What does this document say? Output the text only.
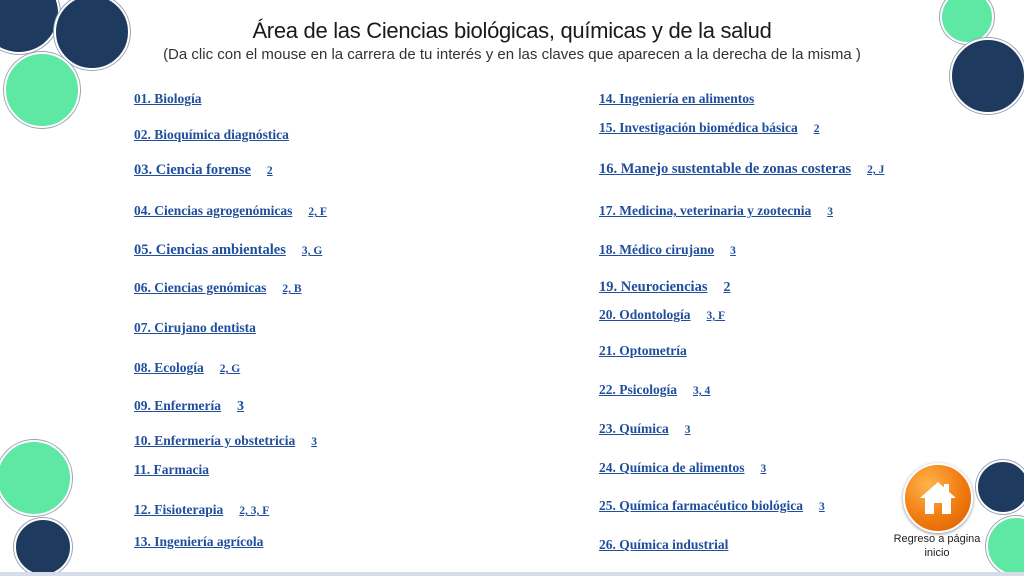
Área de las Ciencias biológicas, químicas y de la salud
(Da clic con el mouse en la carrera de tu interés y en las claves que aparecen a la derecha de la misma )
01. Biología
02. Bioquímica diagnóstica
03. Ciencia forense 2
04. Ciencias agrogenómicas 2, F
05. Ciencias ambientales 3, G
06. Ciencias genómicas 2, B
07. Cirujano dentista
08. Ecología 2, G
09. Enfermería 3
10. Enfermería y obstetricia 3
11. Farmacia
12. Fisioterapia 2, 3, F
13. Ingeniería agrícola
14. Ingeniería en alimentos
15. Investigación biomédica básica 2
16. Manejo sustentable de zonas costeras 2, J
17. Medicina, veterinaria y zootecnia 3
18. Médico cirujano 3
19. Neurociencias 2
20. Odontología 3, F
21. Optometría
22. Psicología 3, 4
23. Química 3
24. Química de alimentos 3
25. Química farmacéutico biológica 3
26. Química industrial	Regreso a página
inicio
